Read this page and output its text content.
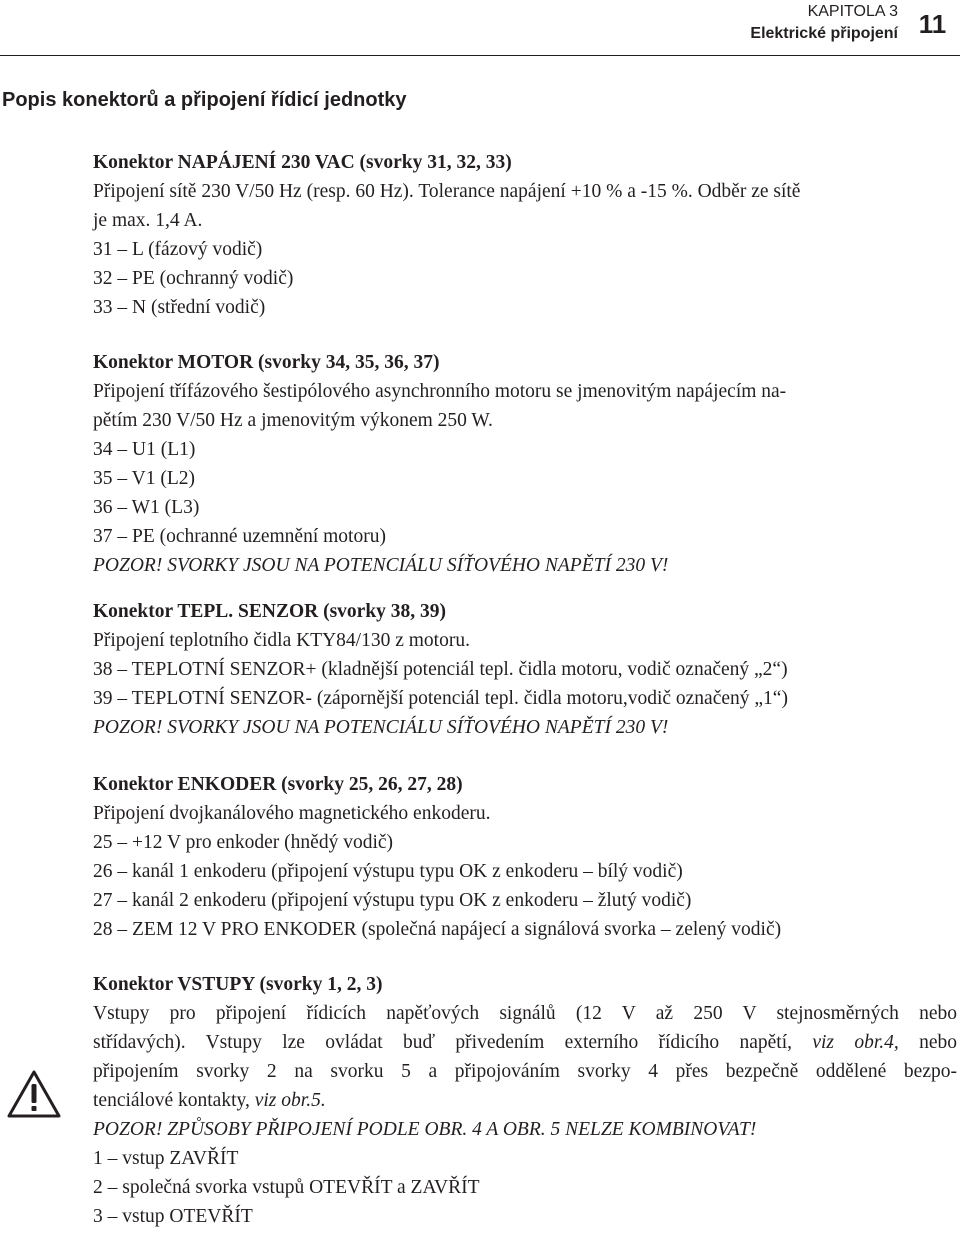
KAPITOLA 3
Elektrické připojení 11
Popis konektorů a připojení řídicí jednotky

Konektor NAPÁJENÍ 230 VAC (svorky 31, 32, 33)

Připojení sítě 230 V/50 Hz (resp. 60 Hz). Tolerance napájení +10 % a -15 %. Odběr ze sítě

je max. 1,4 A.

31 – L (fázový vodič)

32 – PE (ochranný vodič)

33 – N (střední vodič)

Konektor MOTOR (svorky 34, 35, 36, 37)

Připojení třífázového šestipólového asynchronního motoru se jmenovitým napájecím na-

pětím 230 V/50 Hz a jmenovitým výkonem 250 W.

34 – U1 (L1)

35 – V1 (L2)

36 – W1 (L3)

37 – PE (ochranné uzemnění motoru)

POZOR! SVORKY JSOU NA POTENCIÁLU SÍŤOVÉHO NAPĚTÍ 230 V!

Konektor TEPL. SENZOR (svorky 38, 39)

Připojení teplotního čidla KTY84/130 z motoru.

38 – TEPLOTNÍ SENZOR+ (kladnější potenciál tepl. čidla motoru, vodič označený „2“)

39 – TEPLOTNÍ SENZOR- (zápornější potenciál tepl. čidla motoru,vodič označený „1“)

POZOR! SVORKY JSOU NA POTENCIÁLU SÍŤOVÉHO NAPĚTÍ 230 V!

Konektor ENKODER (svorky 25, 26, 27, 28)

Připojení dvojkanálového magnetického enkoderu.

25 – +12 V pro enkoder (hnědý vodič)

26 – kanál 1 enkoderu (připojení výstupu typu OK z enkoderu – bílý vodič)

27 – kanál 2 enkoderu (připojení výstupu typu OK z enkoderu – žlutý vodič)

28 – ZEM 12 V PRO ENKODER (společná napájecí a signálová svorka – zelený vodič)

Konektor VSTUPY (svorky 1, 2, 3)

Vstupy pro připojení řídicích napěťových signálů (12 V až 250 V stejnosměrných nebo

střídavých). Vstupy lze ovládat buď přivedením externího řídicího napětí, viz obr.4, nebo

připojením svorky 2 na svorku 5 a připojováním svorky 4 přes bezpečně oddělené bezpo-

tenciálové kontakty, viz obr.5.

POZOR! ZPŮSOBY PŘIPOJENÍ PODLE OBR. 4 A OBR. 5 NELZE KOMBINOVAT!

1 – vstup ZAVŘÍT

2 – společná svorka vstupů OTEVŘÍT a ZAVŘÍT

3 – vstup OTEVŘÍT
